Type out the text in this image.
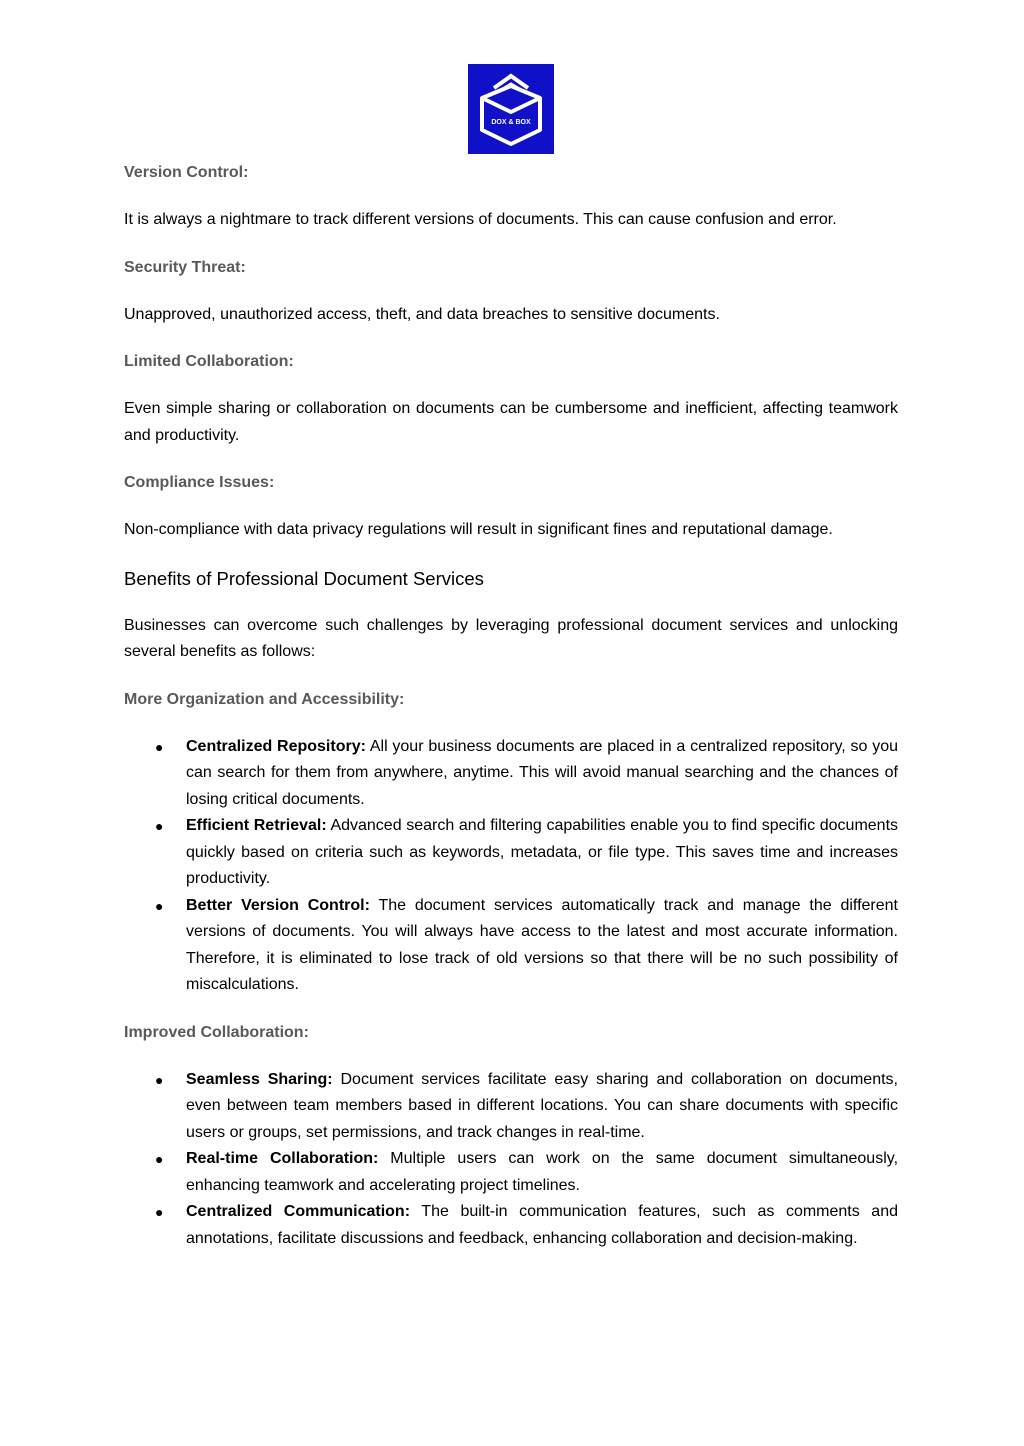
DOX & BOX

Version Control:

It is always a nightmare to track different versions of documents. This can cause confusion and error.

Security Threat:

Unapproved, unauthorized access, theft, and data breaches to sensitive documents.

Limited Collaboration:

Even simple sharing or collaboration on documents can be cumbersome and inefficient, affecting teamwork and productivity.

Compliance Issues:

Non-compliance with data privacy regulations will result in significant fines and reputational damage.

Benefits of Professional Document Services

Businesses can overcome such challenges by leveraging professional document services and unlocking several benefits as follows:

More Organization and Accessibility:

● Centralized Repository: All your business documents are placed in a centralized repository, so you can search for them from anywhere, anytime. This will avoid manual searching and the chances of losing critical documents.
● Efficient Retrieval: Advanced search and filtering capabilities enable you to find specific documents quickly based on criteria such as keywords, metadata, or file type. This saves time and increases productivity.
● Better Version Control: The document services automatically track and manage the different versions of documents. You will always have access to the latest and most accurate information. Therefore, it is eliminated to lose track of old versions so that there will be no such possibility of miscalculations.

Improved Collaboration:

● Seamless Sharing: Document services facilitate easy sharing and collaboration on documents, even between team members based in different locations. You can share documents with specific users or groups, set permissions, and track changes in real-time.
● Real-time Collaboration: Multiple users can work on the same document simultaneously, enhancing teamwork and accelerating project timelines.
● Centralized Communication: The built-in communication features, such as comments and annotations, facilitate discussions and feedback, enhancing collaboration and decision-making.
